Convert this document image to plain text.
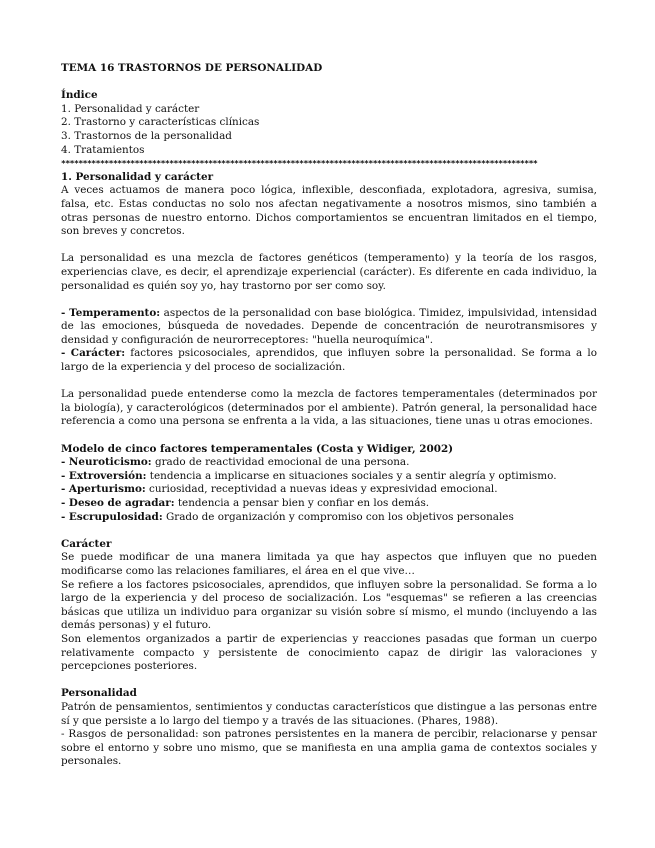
TEMA 16 TRASTORNOS DE PERSONALIDAD

Índice

1. Personalidad y carácter

2. Trastorno y características clínicas

3. Trastornos de la personalidad

4. Tratamientos

**************************************************************************************************************

1. Personalidad y carácter

A veces actuamos de manera poco lógica, inflexible, desconfiada, explotadora, agresiva, sumisa, falsa, etc. Estas conductas no solo nos afectan negativamente a nosotros mismos, sino también a otras personas de nuestro entorno. Dichos comportamientos se encuentran limitados en el tiempo, son breves y concretos.

La personalidad es una mezcla de factores genéticos (temperamento) y la teoría de los rasgos, experiencias clave, es decir, el aprendizaje experiencial (carácter). Es diferente en cada individuo, la personalidad es quién soy yo, hay trastorno por ser como soy.

- Temperamento: aspectos de la personalidad con base biológica. Timidez, impulsividad, intensidad de las emociones, búsqueda de novedades. Depende de concentración de neurotransmisores y densidad y configuración de neurorreceptores: "huella neuroquímica".

- Carácter: factores psicosociales, aprendidos, que influyen sobre la personalidad. Se forma a lo largo de la experiencia y del proceso de socialización.

La personalidad puede entenderse como la mezcla de factores temperamentales (determinados por la biología), y caracterológicos (determinados por el ambiente). Patrón general, la personalidad hace referencia a como una persona se enfrenta a la vida, a las situaciones, tiene unas u otras emociones.

Modelo de cinco factores temperamentales (Costa y Widiger, 2002)

- Neuroticismo: grado de reactividad emocional de una persona.

- Extroversión: tendencia a implicarse en situaciones sociales y a sentir alegría y optimismo.

- Aperturismo: curiosidad, receptividad a nuevas ideas y expresividad emocional.

- Deseo de agradar: tendencia a pensar bien y confiar en los demás.

- Escrupulosidad: Grado de organización y compromiso con los objetivos personales

Carácter

Se puede modificar de una manera limitada ya que hay aspectos que influyen que no pueden modificarse como las relaciones familiares, el área en el que vive…

Se refiere a los factores psicosociales, aprendidos, que influyen sobre la personalidad. Se forma a lo largo de la experiencia y del proceso de socialización. Los "esquemas" se refieren a las creencias básicas que utiliza un individuo para organizar su visión sobre sí mismo, el mundo (incluyendo a las demás personas) y el futuro.

Son elementos organizados a partir de experiencias y reacciones pasadas que forman un cuerpo relativamente compacto y persistente de conocimiento capaz de dirigir las valoraciones y percepciones posteriores.

Personalidad

Patrón de pensamientos, sentimientos y conductas característicos que distingue a las personas entre sí y que persiste a lo largo del tiempo y a través de las situaciones. (Phares, 1988).

- Rasgos de personalidad: son patrones persistentes en la manera de percibir, relacionarse y pensar sobre el entorno y sobre uno mismo, que se manifiesta en una amplia gama de contextos sociales y personales.
